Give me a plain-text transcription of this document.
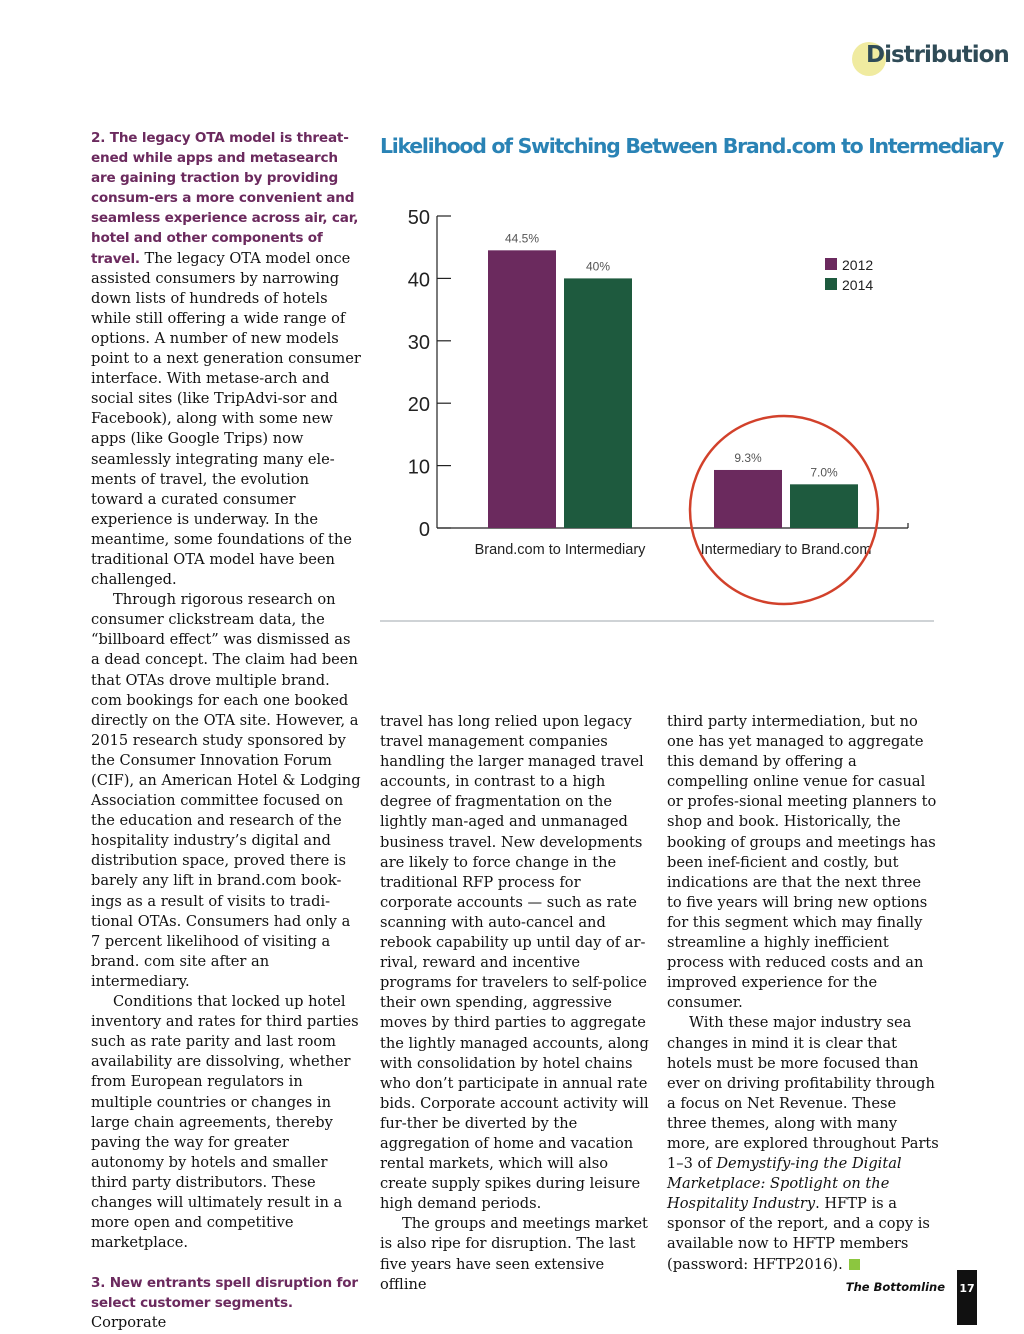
Distribution

2. The legacy OTA model is threat-ened while apps and metasearch are gaining traction by providing consum-ers a more convenient and seamless experience across air, car, hotel and other components of travel. The legacy OTA model once assisted consumers by narrowing down lists of hundreds of hotels while still offering a wide range of options. A number of new models point to a next generation consumer interface. With metase-arch and social sites (like TripAdvi-sor and Facebook), along with some new apps (like Google Trips) now seamlessly integrating many ele-ments of travel, the evolution toward a curated consumer experience is underway. In the meantime, some foundations of the traditional OTA model have been challenged.

Through rigorous research on consumer clickstream data, the “billboard effect” was dismissed as a dead concept. The claim had been that OTAs drove multiple brand. com bookings for each one booked directly on the OTA site. However, a 2015 research study sponsored by the Consumer Innovation Forum (CIF), an American Hotel & Lodging Association committee focused on the education and research of the hospitality industry’s digital and distribution space, proved there is barely any lift in brand.com book-ings as a result of visits to tradi-tional OTAs. Consumers had only a 7 percent likelihood of visiting a brand. com site after an intermediary.

Conditions that locked up hotel inventory and rates for third parties such as rate parity and last room availability are dissolving, whether from European regulators in multiple countries or changes in large chain agreements, thereby paving the way for greater autonomy by hotels and smaller third party distributors. These changes will ultimately result in a more open and competitive marketplace.

3. New entrants spell disruption for select customer segments. Corporate

Likelihood of Switching Between Brand.com to Intermediary
0
10
20
30
40
50
44.5%
40%
Brand.com to Intermediary
9.3%
7.0%
Intermediary to Brand.com
2012
2014

travel has long relied upon legacy travel management companies handling the larger managed travel accounts, in contrast to a high degree of fragmentation on the lightly man-aged and unmanaged business travel. New developments are likely to force change in the traditional RFP process for corporate accounts — such as rate scanning with auto-cancel and rebook capability up until day of ar-rival, reward and incentive programs for travelers to self-police their own spending, aggressive moves by third parties to aggregate the lightly managed accounts, along with consolidation by hotel chains who don’t participate in annual rate bids. Corporate account activity will fur-ther be diverted by the aggregation of home and vacation rental markets, which will also create supply spikes during leisure high demand periods.

The groups and meetings market is also ripe for disruption. The last five years have seen extensive offline

third party intermediation, but no one has yet managed to aggregate this demand by offering a compelling online venue for casual or profes-sional meeting planners to shop and book. Historically, the booking of groups and meetings has been inef-ficient and costly, but indications are that the next three to five years will bring new options for this segment which may finally streamline a highly inefficient process with reduced costs and an improved experience for the consumer.

With these major industry sea changes in mind it is clear that hotels must be more focused than ever on driving profitability through a focus on Net Revenue. These three themes, along with many more, are explored throughout Parts 1–3 of Demystify-ing the Digital Marketplace: Spotlight on the Hospitality Industry. HFTP is a sponsor of the report, and a copy is available now to HFTP members (password: HFTP2016).

The Bottomline 17
